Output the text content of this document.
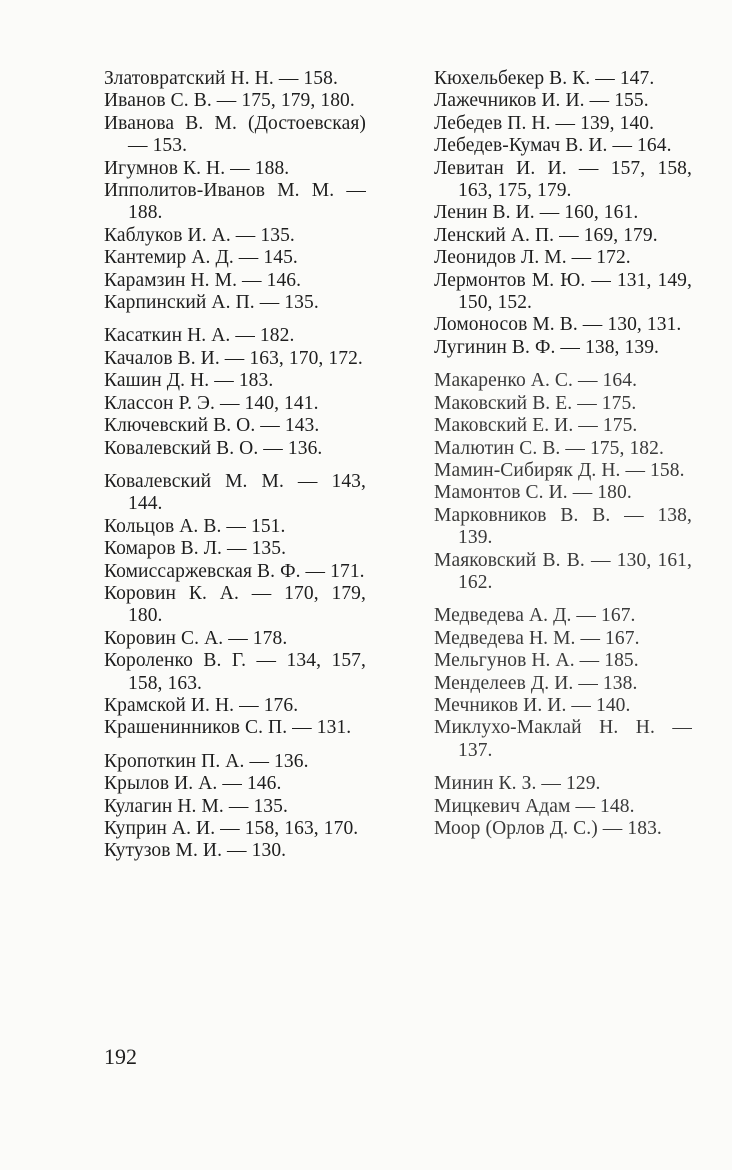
Златовратский Н. Н. — 158.
Иванов С. В. — 175, 179, 180.
Иванова В. М. (Достоевская) — 153.
Игумнов К. Н. — 188.
Ипполитов-Иванов М. М. — 188.
Каблуков И. А. — 135.
Кантемир А. Д. — 145.
Карамзин Н. М. — 146.
Карпинский А. П. — 135.
Касаткин Н. А. — 182.
Качалов В. И. — 163, 170, 172.
Кашин Д. Н. — 183.
Классон Р. Э. — 140, 141.
Ключевский В. О. — 143.
Ковалевский В. О. — 136.
Ковалевский М. М. — 143, 144.
Кольцов А. В. — 151.
Комаров В. Л. — 135.
Комиссаржевская В. Ф. — 171.
Коровин К. А. — 170, 179, 180.
Коровин С. А. — 178.
Короленко В. Г. — 134, 157, 158, 163.
Крамской И. Н. — 176.
Крашенинников С. П. — 131.
Кропоткин П. А. — 136.
Крылов И. А. — 146.
Кулагин Н. М. — 135.
Куприн А. И. — 158, 163, 170.
Кутузов М. И. — 130.
Кюхельбекер В. К. — 147.
Лажечников И. И. — 155.
Лебедев П. Н. — 139, 140.
Лебедев-Кумач В. И. — 164.
Левитан И. И. — 157, 158, 163, 175, 179.
Ленин В. И. — 160, 161.
Ленский А. П. — 169, 179.
Леонидов Л. М. — 172.
Лермонтов М. Ю. — 131, 149, 150, 152.
Ломоносов М. В. — 130, 131.
Лугинин В. Ф. — 138, 139.
Макаренко А. С. — 164.
Маковский В. Е. — 175.
Маковский Е. И. — 175.
Малютин С. В. — 175, 182.
Мамин-Сибиряк Д. Н. — 158.
Мамонтов С. И. — 180.
Марковников В. В. — 138, 139.
Маяковский В. В. — 130, 161, 162.
Медведева А. Д. — 167.
Медведева Н. М. — 167.
Мельгунов Н. А. — 185.
Менделеев Д. И. — 138.
Мечников И. И. — 140.
Миклухо-Маклай Н. Н. — 137.
Минин К. З. — 129.
Мицкевич Адам — 148.
Моор (Орлов Д. С.) — 183.
192
